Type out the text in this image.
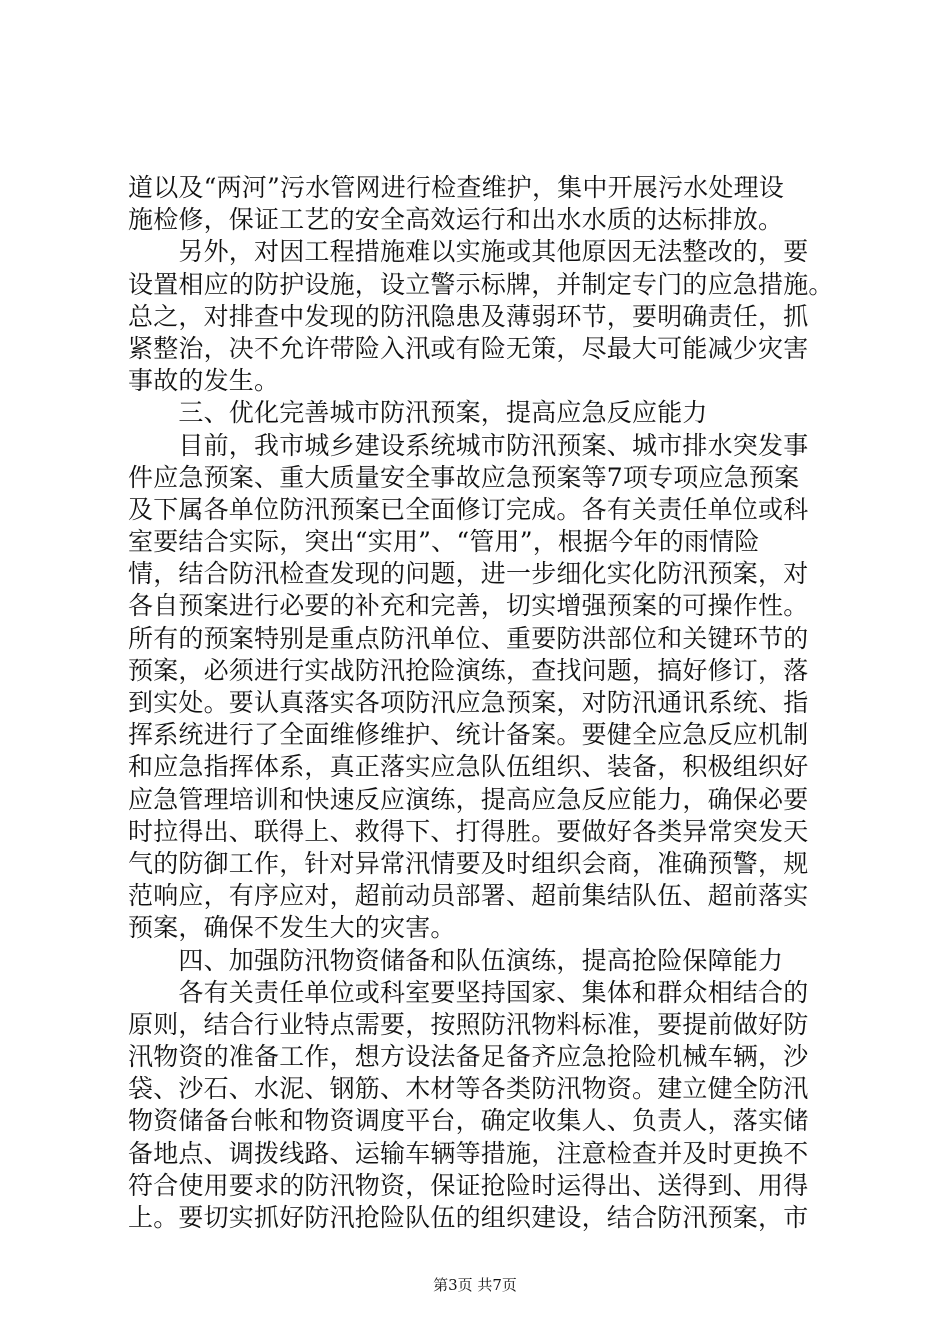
道以及“两河”污水管网进行检查维护，集中开展污水处理设
施检修，保证工艺的安全高效运行和出水水质的达标排放。
　　另外，对因工程措施难以实施或其他原因无法整改的，要
设置相应的防护设施，设立警示标牌，并制定专门的应急措施。
总之，对排查中发现的防汛隐患及薄弱环节，要明确责任，抓
紧整治，决不允许带险入汛或有险无策，尽最大可能减少灾害
事故的发生。
　　三、优化完善城市防汛预案，提高应急反应能力
　　目前，我市城乡建设系统城市防汛预案、城市排水突发事
件应急预案、重大质量安全事故应急预案等7项专项应急预案
及下属各单位防汛预案已全面修订完成。各有关责任单位或科
室要结合实际，突出“实用”、“管用”，根据今年的雨情险
情，结合防汛检查发现的问题，进一步细化实化防汛预案，对
各自预案进行必要的补充和完善，切实增强预案的可操作性。
所有的预案特别是重点防汛单位、重要防洪部位和关键环节的
预案，必须进行实战防汛抢险演练，查找问题，搞好修订，落
到实处。要认真落实各项防汛应急预案，对防汛通讯系统、指
挥系统进行了全面维修维护、统计备案。要健全应急反应机制
和应急指挥体系，真正落实应急队伍组织、装备，积极组织好
应急管理培训和快速反应演练，提高应急反应能力，确保必要
时拉得出、联得上、救得下、打得胜。要做好各类异常突发天
气的防御工作，针对异常汛情要及时组织会商，准确预警，规
范响应，有序应对，超前动员部署、超前集结队伍、超前落实
预案，确保不发生大的灾害。
　　四、加强防汛物资储备和队伍演练，提高抢险保障能力
　　各有关责任单位或科室要坚持国家、集体和群众相结合的
原则，结合行业特点需要，按照防汛物料标准，要提前做好防
汛物资的准备工作，想方设法备足备齐应急抢险机械车辆，沙
袋、沙石、水泥、钢筋、木材等各类防汛物资。建立健全防汛
物资储备台帐和物资调度平台，确定收集人、负责人，落实储
备地点、调拨线路、运输车辆等措施，注意检查并及时更换不
符合使用要求的防汛物资，保证抢险时运得出、送得到、用得
上。要切实抓好防汛抢险队伍的组织建设，结合防汛预案，市
第3页 共7页
